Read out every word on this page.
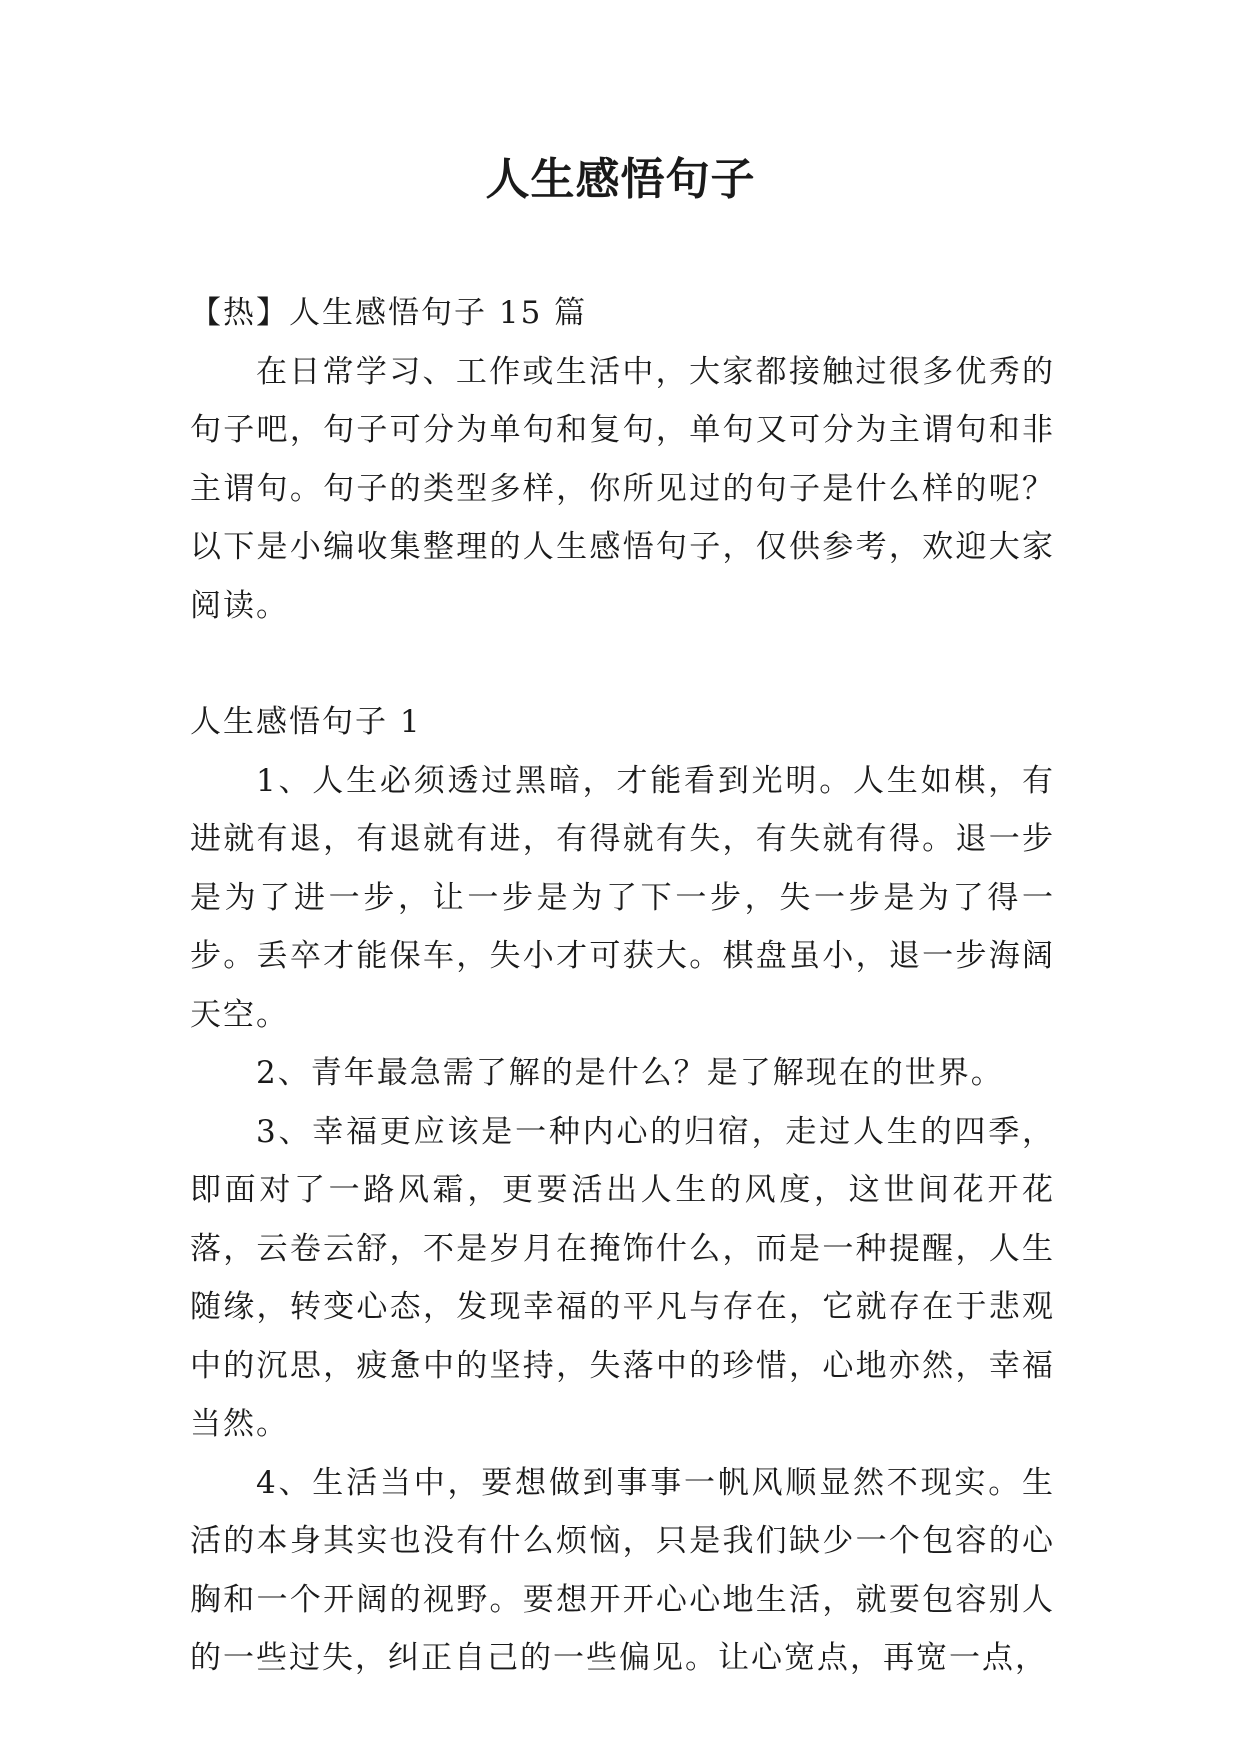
人生感悟句子

【热】人生感悟句子 15 篇

在日常学习、工作或生活中，大家都接触过很多优秀的句子吧，句子可分为单句和复句，单句又可分为主谓句和非主谓句。句子的类型多样，你所见过的句子是什么样的呢？以下是小编收集整理的人生感悟句子，仅供参考，欢迎大家阅读。

人生感悟句子 1

1、人生必须透过黑暗，才能看到光明。人生如棋，有进就有退，有退就有进，有得就有失，有失就有得。退一步是为了进一步，让一步是为了下一步，失一步是为了得一步。丢卒才能保车，失小才可获大。棋盘虽小，退一步海阔天空。

2、青年最急需了解的是什么？是了解现在的世界。

3、幸福更应该是一种内心的归宿，走过人生的四季，即面对了一路风霜，更要活出人生的风度，这世间花开花落，云卷云舒，不是岁月在掩饰什么，而是一种提醒，人生随缘，转变心态，发现幸福的平凡与存在，它就存在于悲观中的沉思，疲惫中的坚持，失落中的珍惜，心地亦然，幸福当然。

4、生活当中，要想做到事事一帆风顺显然不现实。生活的本身其实也没有什么烦恼，只是我们缺少一个包容的心胸和一个开阔的视野。要想开开心心地生活，就要包容别人的一些过失，纠正自己的一些偏见。让心宽点，再宽一点，
